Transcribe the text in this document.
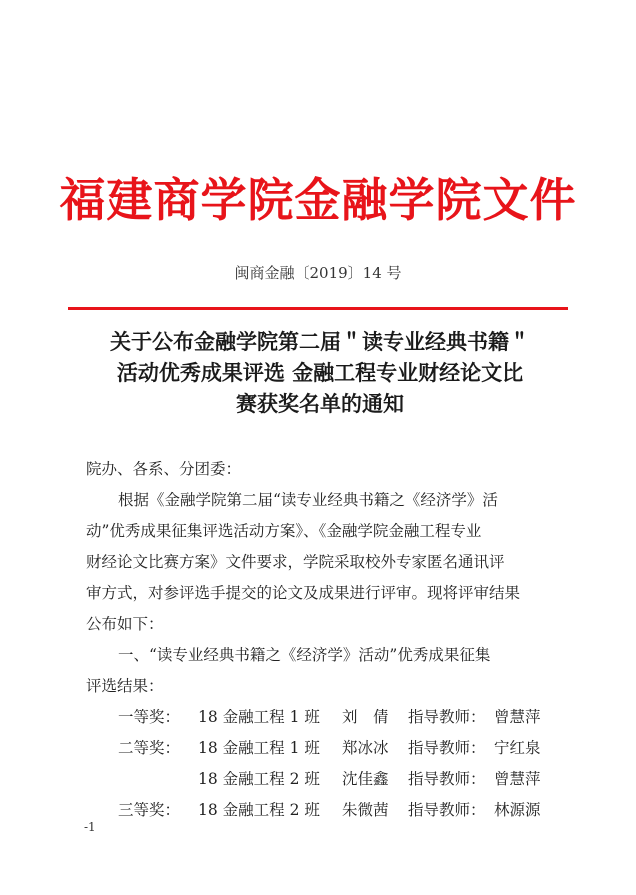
福建商学院金融学院文件
闽商金融〔2019〕14 号
关于公布金融学院第二届＂读专业经典书籍＂
活动优秀成果评选 金融工程专业财经论文比
赛获奖名单的通知
院办、各系、分团委：
根据《金融学院第二届“读专业经典书籍之《经济学》活
动”优秀成果征集评选活动方案》、《金融学院金融工程专业
财经论文比赛方案》文件要求，学院采取校外专家匿名通讯评
审方式，对参评选手提交的论文及成果进行评审。现将评审结果
公布如下：
一、“读专业经典书籍之《经济学》活动”优秀成果征集
评选结果：
一等奖： 18 金融工程 1 班 刘　倩 指导教师： 曾慧萍
二等奖： 18 金融工程 1 班 郑冰冰 指导教师： 宁红泉
18 金融工程 2 班 沈佳鑫 指导教师： 曾慧萍
三等奖： 18 金融工程 2 班 朱微茜 指导教师： 林源源
-1
